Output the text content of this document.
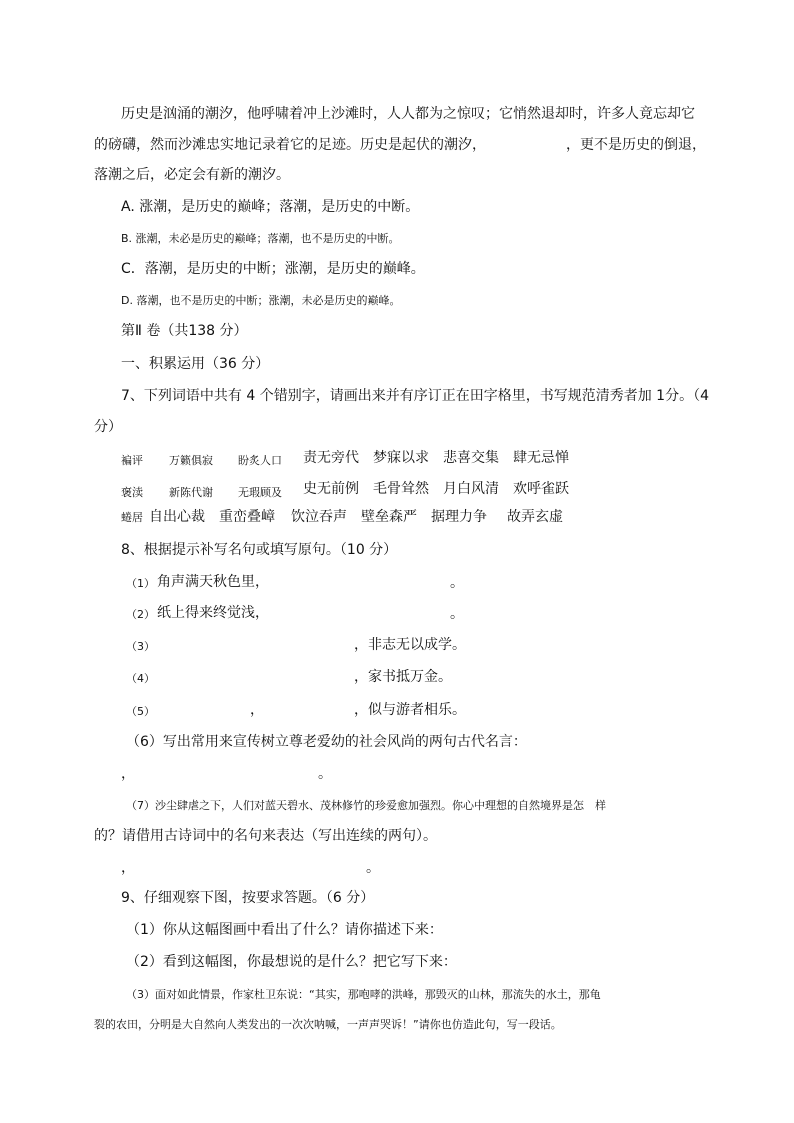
历史是汹涌的潮汐，他呼啸着冲上沙滩时，人人都为之惊叹；它悄然退却时，许多人竟忘却它
的磅礴，然而沙滩忠实地记录着它的足迹。历史是起伏的潮汐，	，更不是历史的倒退，
落潮之后，必定会有新的潮汐。
A. 涨潮，是历史的巅峰；落潮，是历史的中断。
B. 涨潮，未必是历史的巅峰；落潮，也不是历史的中断。
C．落潮，是历史的中断；涨潮，是历史的巅峰。
D. 落潮，也不是历史的中断；涨潮，未必是历史的巅峰。
第Ⅱ 卷（共138 分）
一、积累运用（36 分）
7、下列词语中共有 4 个错别字，请画出来并有序订正在田字格里，书写规范清秀者加 1分。（4
分）
褊评 万籁俱寂 盼炙人口 责无旁代 梦寐以求 悲喜交集 肆无忌惮
褒渎 新陈代谢 无瑕顾及 史无前例 毛骨耸然 月白风清 欢呼雀跃
蜷居 自出心裁 重峦叠嶂 饮泣吞声 壁垒森严 据理力争 故弄玄虚
8、根据提示补写名句或填写原句。（10 分）
（1） 角声满天秋色里，	。
（2） 纸上得来终觉浅，	。
（3）	，非志无以成学。
（4）	，家书抵万金。
（5）	，	，似与游者相乐。
（6）写出常用来宣传树立尊老爱幼的社会风尚的两句古代名言：
，	。
（7）沙尘肆虐之下，人们对蓝天碧水、茂林修竹的珍爱愈加强烈。你心中理想的自然境界是怎　样
的？请借用古诗词中的名句来表达（写出连续的两句）。
，	。
9、仔细观察下图，按要求答题。（6 分）
（1）你从这幅图画中看出了什么？请你描述下来：
（2）看到这幅图，你最想说的是什么？把它写下来：
（3）面对如此情景，作家杜卫东说：“其实，那咆哮的洪峰，那毁灭的山林，那流失的水土，那龟
裂的农田，分明是大自然向人类发出的一次次呐喊，一声声哭诉！”请你也仿造此句，写一段话。
